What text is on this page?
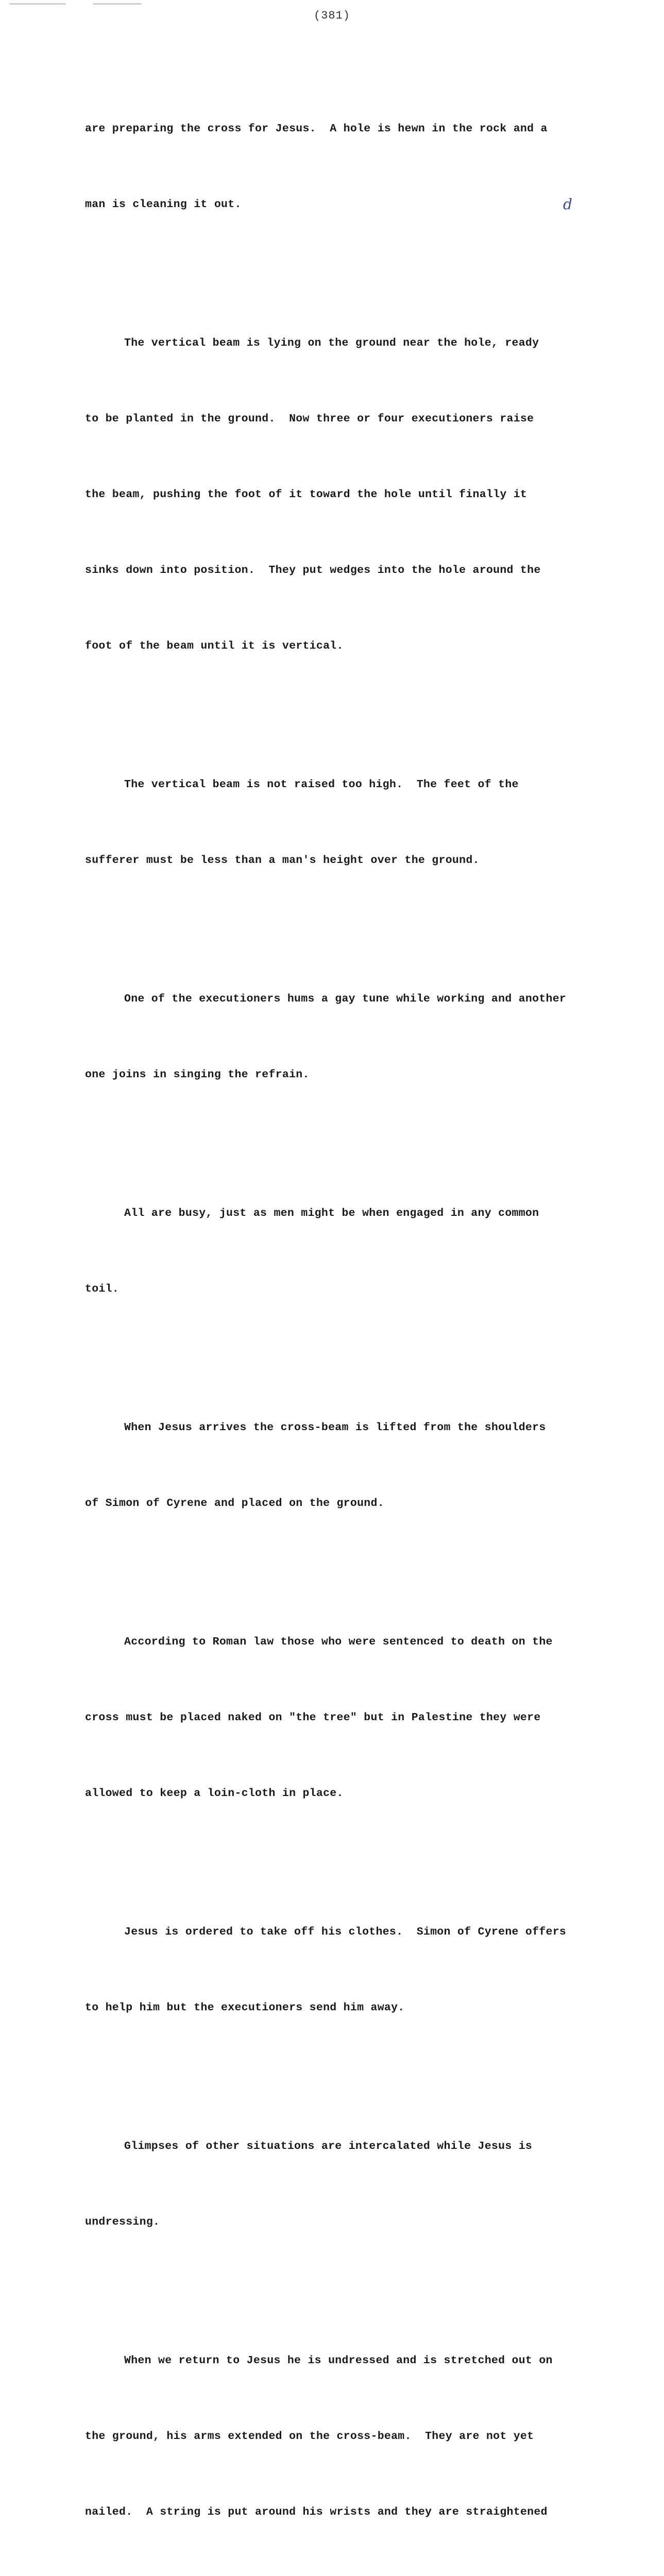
(381)

are preparing the cross for Jesus.  A hole is hewn in the rock and a

man is cleaning it out.

The vertical beam is lying on the ground near the hole, ready

to be planted in the ground.  Now three or four executioners raise

the beam, pushing the foot of it toward the hole until finally it

sinks down into position.  They put wedges into the hole around the

foot of the beam until it is vertical.

The vertical beam is not raised too high.  The feet of the

sufferer must be less than a man's height over the ground.

One of the executioners hums a gay tune while working and another

one joins in singing the refrain.

All are busy, just as men might be when engaged in any common

toil.

When Jesus arrives the cross-beam is lifted from the shoulders

of Simon of Cyrene and placed on the ground.

According to Roman law those who were sentenced to death on the

cross must be placed naked on "the tree" but in Palestine they were

allowed to keep a loin-cloth in place.

Jesus is ordered to take off his clothes.  Simon of Cyrene offers

to help him but the executioners send him away.

Glimpses of other situations are intercalated while Jesus is

undressing.

When we return to Jesus he is undressed and is stretched out on

the ground, his arms extended on the cross-beam.  They are not yet

nailed.  A string is put around his wrists and they are straightened

d
